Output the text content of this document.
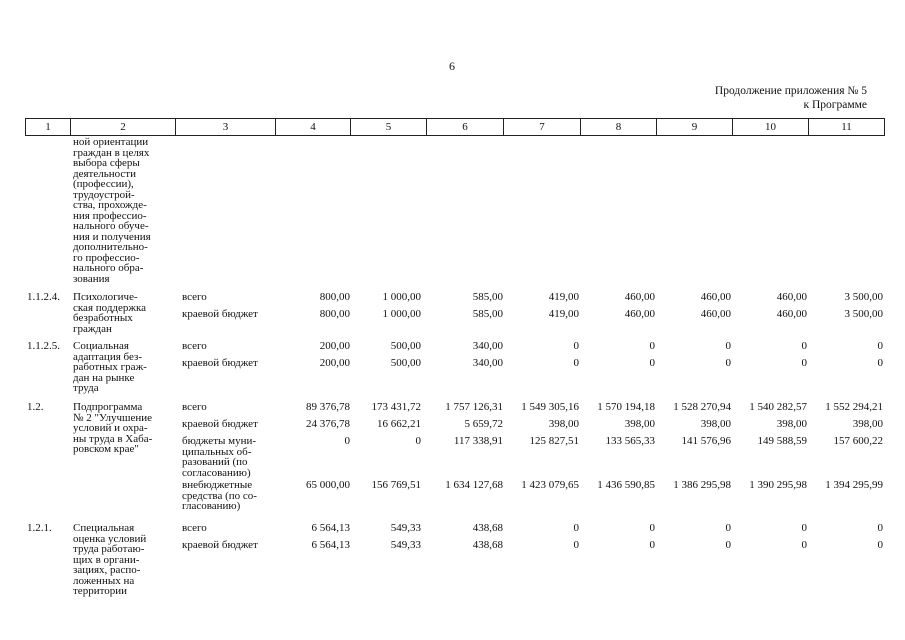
6
Продолжение приложения № 5
к Программе
1	2	3	4	5	6	7	8	9	10	11
ной ориентации
граждан в целях
выбора сферы
деятельности
(профессии),
трудоустрой-
ства, прохожде-
ния профессио-
нального обуче-
ния и получения
дополнительно-
го профессио-
нального обра-
зования
1.1.2.4. Психологиче-
ская поддержка
безработных
граждан
всего	800,00	1 000,00	585,00	419,00	460,00	460,00	460,00	3 500,00
краевой бюджет	800,00	1 000,00	585,00	419,00	460,00	460,00	460,00	3 500,00
1.1.2.5. Социальная
адаптация без-
работных граж-
дан на рынке
труда
всего	200,00	500,00	340,00	0	0	0	0	0
краевой бюджет	200,00	500,00	340,00	0	0	0	0	0
1.2.	Подпрограмма
№ 2 "Улучшение
условий и охра-
ны труда в Хаба-
ровском крае"
всего	89 376,78	173 431,72	1 757 126,31	1 549 305,16	1 570 194,18	1 528 270,94	1 540 282,57	1 552 294,21
краевой бюджет	24 376,78	16 662,21	5 659,72	398,00	398,00	398,00	398,00	398,00
бюджеты муни-
ципальных об-
разований (по
согласованию)
0	0	117 338,91	125 827,51	133 565,33	141 576,96	149 588,59	157 600,22
внебюджетные
средства (по со-
гласованию)
65 000,00	156 769,51	1 634 127,68	1 423 079,65	1 436 590,85	1 386 295,98	1 390 295,98	1 394 295,99
1.2.1. Специальная
оценка условий
труда работаю-
щих в органи-
зациях, распо-
ложенных на
территории
всего	6 564,13	549,33	438,68	0	0	0	0	0
краевой бюджет	6 564,13	549,33	438,68	0	0	0	0	0
